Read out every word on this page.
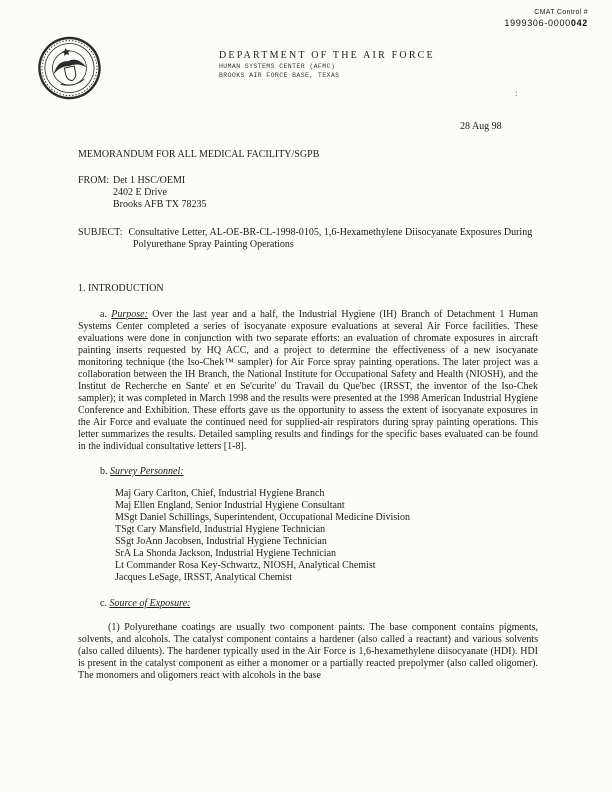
CMAT Control #
1999306-0000042
DEPARTMENT OF THE AIR FORCE
HUMAN SYSTEMS CENTER (AFMC)
BROOKS AIR FORCE BASE, TEXAS
:
28 Aug 98
MEMORANDUM FOR ALL MEDICAL FACILITY/SGPB
FROM: Det 1 HSC/OEMI
2402 E Drive
Brooks AFB TX 78235
SUBJECT: Consultative Letter, AL-OE-BR-CL-1998-0105, 1,6-Hexamethylene Diisocyanate Exposures During Polyurethane Spray Painting Operations
1. INTRODUCTION

a. Purpose: Over the last year and a half, the Industrial Hygiene (IH) Branch of Detachment 1 Human Systems Center completed a series of isocyanate exposure evaluations at several Air Force facilities. These evaluations were done in conjunction with two separate efforts: an evaluation of chromate exposures in aircraft painting inserts requested by HQ ACC, and a project to determine the effectiveness of a new isocyanate monitoring technique (the Iso-Chek™ sampler) for Air Force spray painting operations. The later project was a collaboration between the IH Branch, the National Institute for Occupational Safety and Health (NIOSH), and the Institut de Recherche en Sante' et en Se'curite' du Travail du Que'bec (IRSST, the inventor of the Iso-Chek sampler); it was completed in March 1998 and the results were presented at the 1998 American Industrial Hygiene Conference and Exhibition. These efforts gave us the opportunity to assess the extent of isocyanate exposures in the Air Force and evaluate the continued need for supplied-air respirators during spray painting operations. This letter summarizes the results. Detailed sampling results and findings for the specific bases evaluated can be found in the individual consultative letters [1-8].

b. Survey Personnel:
Maj Gary Carlton, Chief, Industrial Hygiene Branch
Maj Ellen England, Senior Industrial Hygiene Consultant
MSgt Daniel Schillings, Superintendent, Occupational Medicine Division
TSgt Cary Mansfield, Industrial Hygiene Technician
SSgt JoAnn Jacobsen, Industrial Hygiene Technician
SrA La Shonda Jackson, Industrial Hygiene Technician
Lt Commander Rosa Key-Schwartz, NIOSH, Analytical Chemist
Jacques LeSage, IRSST, Analytical Chemist
c. Source of Exposure:

(1) Polyurethane coatings are usually two component paints. The base component contains pigments, solvents, and alcohols. The catalyst component contains a hardener (also called a reactant) and various solvents (also called diluents). The hardener typically used in the Air Force is 1,6-hexamethylene diisocyanate (HDI). HDI is present in the catalyst component as either a monomer or a partially reacted prepolymer (also called oligomer). The monomers and oligomers react with alcohols in the base
